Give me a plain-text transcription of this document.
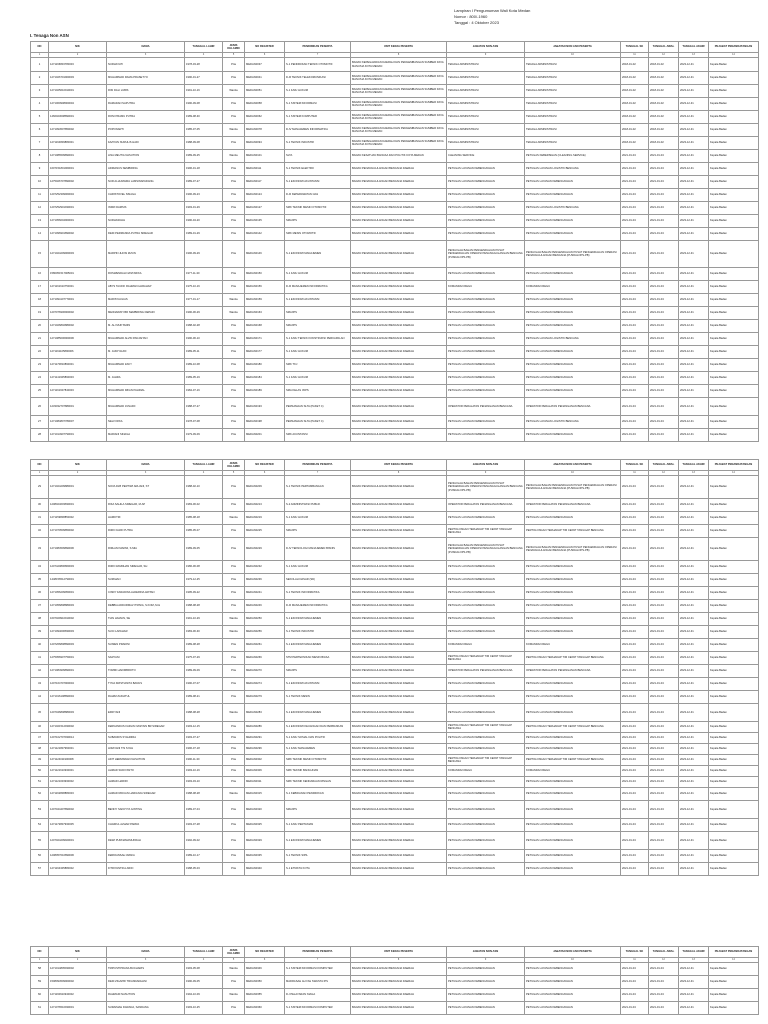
Lampiran I Pengumuman Wali Kota Medan
Nomor : 800/-1960
Tanggal : 4 Oktober 2023
I. Tenaga Non ASN
NO	NIK	NAMA	TANGGAL LAHIR	JENIS KELAMIN	NO REGISTER	PENDIDIKAN PESERTA	UNIT KERJA PESERTA	JABATAN NON ASN	JABATAN NON ASN PESERTA	TANGGAL SK	TANGGAL AWAL	TANGGAL AKHIR	PEJABAT PENANDATANGAN
1	2	3	4	5	6	7	8	9	10	11	12	13	14
1	1271166803780003	NURHAYATI	1978-03-28	Pria	MEDAN0037	S-1 PENDIDIKAN TEKNIK OTOMOTIF	BADAN KEPEGAWAIAN DAERAH DAN PENGEMBANGAN SUMBER DAYA MANUSIA KOTA MEDAN	TENAGA ADMINISTRASI	TENAGA ADMINISTRASI	2018-01-02	2018-01-02	2023-12-31	Kepala Badan
2	1271026701900003	MUHAMMAD RAMA PRASETYO	1990-01-27	Pria	MEDAN0041	D-III TEKNIK TELEKOMUNIKASI	BADAN KEPEGAWAIAN DAERAH DAN PENGEMBANGAN SUMBER DAYA MANUSIA KOTA MEDAN	TENAGA ADMINISTRASI	TENAGA ADMINISTRASI	2018-01-02	2018-01-02	2023-12-31	Kepala Badan
3	1271025610910001	RIKI DALI LUBIS	1991-10-16	Wanita	MEDAN0051	S-1 ILMU HUKUM	BADAN KEPEGAWAIAN DAERAH DAN PENGEMBANGAN SUMBER DAYA MANUSIA KOTA MEDAN	TENAGA ADMINISTRASI	TENAGA ADMINISTRASI	2018-01-02	2018-01-02	2023-12-31	Kepala Badan
4	1271060908900004	RAMADAN SAPUTRA	1990-09-08	Pria	MEDAN0058	S-1 SISTEM INFORMASI	BADAN KEPEGAWAIAN DAERAH DAN PENGEMBANGAN SUMBER DAYA MANUSIA KOTA MEDAN	TENAGA ADMINISTRASI	TENAGA ADMINISTRASI	2018-01-02	2018-01-02	2023-12-31	Kepala Badan
5	1466023008890001	RONI PRAMU PUTRA	1989-08-30	Pria	MEDAN0062	S-1 SISTEM KOMPUTER	BADAN KEPEGAWAIAN DAERAH DAN PENGEMBANGAN SUMBER DAYA MANUSIA KOTA MEDAN	TENAGA ADMINISTRASI	TENAGA ADMINISTRASI	2018-01-02	2018-01-02	2023-12-31	Kepala Badan
6	1271094507850002	POPONARTI	1985-07-05	Wanita	MEDAN0078	D-IV MANAJEMEN INFORMATIKA	BADAN KEPEGAWAIAN DAERAH DAN PENGEMBANGAN SUMBER DAYA MANUSIA KOTA MEDAN	TENAGA ADMINISTRASI	TENAGA ADMINISTRASI	2018-01-02	2018-01-02	2023-12-31	Kepala Badan
7	1271164809880001	FAZIYAN NURULIS HADI	1988-09-08	Pria	MEDAN0094	S-1 TEKNIK INDUSTRI	BADAN KEPEGAWAIAN DAERAH DAN PENGEMBANGAN SUMBER DAYA MANUSIA KOTA MEDAN	TENAGA ADMINISTRASI	TENAGA ADMINISTRASI	2018-01-02	2018-01-02	2023-12-31	Kepala Badan
8	1271086509890001	LINA MEUTIA NASUTION	1989-09-25	Wanita	MEDAN0101	SLTA	BADAN KESATUAN BANGSA DAN POLITIK KOTA MEDAN	CLEANING SERVICE	PETUGAS KEBERSIHAN (CLEANING SERVICE)	2021-01-04	2021-01-04	2023-12-31	Kepala Badan
9	1607151801960001	ADRIANUS SEMBIRING	1996-01-18	Pria	MEDAN0111	S-1 TEKNIK ELEKTRO	BADAN PENANGGULANGAN BENCANA DAERAH	PETUGAS LAYANAN KEBENCANAAN	PETUGAS LAYANAN LOGISTIK BENCANA	2021-01-04	2021-01-04	2023-12-31	Kepala Badan
10	1275026707890002	NUR ALHUMAIRA LAMSINAPADANG	1989-07-27	Pria	MEDAN0117	S-1 EKONOMI AKUNTANSI	BADAN PENANGGULANGAN BENCANA DAERAH	PETUGAS LAYANAN KEBENCANAAN	PETUGAS LAYANAN KEBENCANAAN	2021-01-04	2021-01-04	2023-12-31	Kepala Badan
11	1207252309960004	CHRISTOVEL SINAGA	1996-09-23	Pria	MEDAN0124	D-III KEPERAWATAN GIGI	BADAN PENANGGULANGAN BENCANA DAERAH	PETUGAS LAYANAN KEBENCANAAN	PETUGAS LAYANAN KEBENCANAAN	2021-01-04	2021-01-04	2023-12-31	Kepala Badan
12	1207252901930001	INDRI DAMSIS	1993-01-29	Pria	MEDAN0127	SMK TEKNIK MESIN OTOMOTIF	BADAN PENANGGULANGAN BENCANA DAERAH	PETUGAS LAYANAN KEBENCANAAN	PETUGAS LAYANAN LOGISTIK BENCANA	2021-01-04	2021-01-04	2023-12-31	Kepala Badan
13	1271056004900001	NURHASNAH	1990-04-20	Pria	MEDAN0135	SMA/IPS	BADAN PENANGGULANGAN BENCANA DAERAH	PETUGAS LAYANAN KEBENCANAAN	PETUGAS LAYANAN KEBENCANAAN	2021-01-04	2021-01-04	2023-12-31	Kepala Badan
14	1271096901890002	DEDI PERMANDA PUTRA SIREGAR	1989-01-29	Pria	MEDAN0142	SMK MESIN OTOMOTIF	BADAN PENANGGULANGAN BENCANA DAERAH	PETUGAS LAYANAN KEBENCANAAN	PETUGAS LAYANAN KEBENCANAAN	2021-01-04	2021-01-04	2023-12-31	Kepala Badan
15	1271024209960003	MARPIN JHOSI ZIZUN	1996-09-29	Pria	MEDAN0146	S-1 EKONOMI MANAJEMEN	BADAN PENANGGULANGAN BENCANA DAERAH	PENGOLAH BAHAN PENGENDALIAN PUSAT PENGENDALIAN OPERASI PENANGGULANGAN BENCANA (PUSDALOPS-PB)	PENGOLAH BAHAN PENGENDALIAN PUSAT PENGENDALIAN OPERASI PENANGGULANGAN BENCANA (PUSDALOPS-PB)	2021-01-04	2021-01-04	2023-12-31	Kepala Badan
16	1580051517905001	ROSWENDAH NASTARIKA	1977-11-30	Pria	MEDAN0150	S-1 ILMU HUKUM	BADAN PENANGGULANGAN BENCANA DAERAH	PETUGAS LAYANAN KEBENCANAAN	PETUGAS LAYANAN KEBENCANAAN	2021-01-04	2021-01-04	2023-12-31	Kepala Badan
17	1271161610750001	ABYS TAUFIK RAHMAN HARAHAP	1975-10-16	Pria	MEDAN0156	D-III MANAJEMEN INFORMATIKA	BADAN PENANGGULANGAN BENCANA DAERAH	KOMANDAN REGU	KOMANDAN REGU	2021-01-04	2021-01-04	2023-12-31	Kepala Badan
18	1271094107770001	MARISYAULIAS	1977-01-17	Wanita	MEDAN0159	S-1 EKONOMI AKUNTANSI	BADAN PENANGGULANGAN BENCANA DAERAH	PETUGAS LAYANAN KEBENCANAAN	PETUGAS LAYANAN KEBENCANAAN	2021-01-04	2021-01-04	2023-12-31	Kepala Badan
19	1207076906900002	MEIDIAWATI BR SEMBIRING DEPARI	1990-06-29	Wanita	MEDAN0163	SMA/IPS	BADAN PENANGGULANGAN BENCANA DAERAH	PETUGAS LAYANAN KEBENCANAAN	PETUGAS LAYANAN KEBENCANAAN	2021-01-04	2021-01-04	2023-12-31	Kepala Badan
20	1271026802880002	M. ALI MUKTADIN	1988-02-28	Pria	MEDAN0168	SMA/IPS	BADAN PENANGGULANGAN BENCANA DAERAH	PETUGAS LAYANAN KEBENCANAAN	PETUGAS LAYANAN KEBENCANAAN	2021-01-04	2021-01-04	2023-12-31	Kepala Badan
21	1271085006900006	MUHAMMAD ALVIN PANJAITAN	1990-06-10	Pria	MEDAN0171	S-1 ILMU TEKNIK KONSTRUKSI PERKAPALAN	BADAN PENANGGULANGAN BENCANA DAERAH	PETUGAS LAYANAN KEBENCANAAN	PETUGAS LAYANAN LOGISTIK BENCANA	2021-01-04	2021-01-04	2023-12-31	Kepala Badan
22	1271161105890006	M. JAKFYAUDI	1989-05-11	Pria	MEDAN0177	S-1 ILMU HUKUM	BADAN PENANGGULANGAN BENCANA DAERAH	PETUGAS LAYANAN KEBENCANAAN	PETUGAS LAYANAN KEBENCANAAN	2021-01-04	2021-01-04	2023-12-31	Kepala Badan
23	1271170810890001	MUHAMMAD ZAKY	1989-10-08	Pria	MEDAN0180	SMK TKJ	BADAN PENANGGULANGAN BENCANA DAERAH	PETUGAS LAYANAN KEBENCANAAN	PETUGAS LAYANAN KEBENCANAAN	2021-01-04	2021-01-04	2023-12-31	Kepala Badan
24	1271141905890003	M. JAHRA	1989-05-19	Pria	MEDAN0184	S-1 ILMU HUKUM	BADAN PENANGGULANGAN BENCANA DAERAH	PETUGAS LAYANAN KEBENCANAAN	PETUGAS LAYANAN KEBENCANAAN	2021-01-04	2021-01-04	2023-12-31	Kepala Badan
25	1271161607840003	MUHAMMAD IRFAN PAHRIAL	1984-07-16	Pria	MEDAN0189	SMA KELAS IXIPS	BADAN PENANGGULANGAN BENCANA DAERAH	PETUGAS LAYANAN KEBENCANAAN	PETUGAS LAYANAN KEBENCANAAN	2021-01-04	2021-01-04	2023-12-31	Kepala Badan
26	1233032707880001	MUHAMMAD JUNAIDI	1988-07-27	Pria	MEDAN0193	PERSAMAAN SLTA (PAKET C)	BADAN PENANGGULANGAN BENCANA DAERAH	OPERATOR PERALATAN PENANGANAN BENCANA	OPERATOR PERALATAN PENANGANAN BENCANA	2021-01-04	2021-01-04	2023-12-31	Kepala Badan
27	1271084807780007	NELVI RIKA	1978-07-08	Pria	MEDAN0198	PERSAMAAN SLTA (PAKET C)	BADAN PENANGGULANGAN BENCANA DAERAH	PETUGAS LAYANAN KEBENCANAAN	PETUGAS LAYANAN LOGISTIK BENCANA	2021-01-04	2021-01-04	2023-12-31	Kepala Badan
28	1271014907790001	MARIANI SINAGA	1979-09-09	Pria	MEDAN0201	SMK AKUNTANSI	BADAN PENANGGULANGAN BENCANA DAERAH	PETUGAS LAYANAN KEBENCANAAN	PETUGAS LAYANAN KEBENCANAAN	2021-01-04	2021-01-04	2023-12-31	Kepala Badan
NO	NIK	NAMA	TANGGAL LAHIR	JENIS KELAMIN	NO REGISTER	PENDIDIKAN PESERTA	UNIT KERJA PESERTA	JABATAN NON ASN	JABATAN NON ASN PESERTA	TANGGAL SK	TANGGAL AWAL	TANGGAL AKHIR	PEJABAT PENANDATANGAN
1	2	3	4	5	6	7	8	9	10	11	12	13	14
29	1271024209880001	NOVA DWI PERTIWI ARLIANI, ST	1988-02-10	Pria	MEDAN0209	S-1 TEKNIK PERTAMBANGAN	BADAN PENANGGULANGAN BENCANA DAERAH	PENGOLAH BAHAN PENGENDALIAN PUSAT PENGENDALIAN OPERASI PENANGGULANGAN BENCANA (PUSDALOPS-PB)	PENGOLAH BAHAN PENGENDALIAN PUSAT PENGENDALIAN OPERASI PENANGGULANGAN BENCANA (PUSDALOPS-PB)	2021-01-04	2021-01-04	2023-12-31	Kepala Badan
30	1208024603830001	RIKA SAHILA SIREGAR, M.AP	1983-06-02	Pria	MEDAN0213	S-2 ADMINISTRASI PUBLIK	BADAN PENANGGULANGAN BENCANA DAERAH	OPERATOR PERALATAN PENANGANAN BENCANA	OPERATOR PERALATAN PENANGANAN BENCANA	2021-01-04	2021-01-04	2023-12-31	Kepala Badan
31	1271159808850002	HARFITRI	1985-08-18	Wanita	MEDAN0219	S-1 ILMU HUKUM	BADAN PENANGGULANGAN BENCANA DAERAH	PETUGAS LAYANAN KEBENCANAAN	PETUGAS LAYANAN KEBENCANAAN	2021-01-04	2021-01-04	2023-12-31	Kepala Badan
32	1271070509850002	RIZKI FAJRI PUTRA	1985-05-07	Pria	MEDAN0225	SMA/IPS	BADAN PENANGGULANGAN BENCANA DAERAH	PERTOLONGAN TERHADAP TIM CEPAT TANGGAP BENCANA	PERTOLONGAN TERHADAP TIM CEPAT TANGGAP BENCANA	2021-01-04	2021-01-04	2023-12-31	Kepala Badan
33	1271084509890006	RIRLANI MAKMI, S.MIA	1989-09-05	Pria	MEDAN0229	D-IV TEKNOLOGI MANAJEMEN BISNIS	BADAN PENANGGULANGAN BENCANA DAERAH	PENGOLAH BAHAN PENGENDALIAN PUSAT PENGENDALIAN OPERASI PENANGGULANGAN BENCANA (PUSDALOPS-PB)	PENGOLAH BAHAN PENGENDALIAN PUSAT PENGENDALIAN OPERASI PENANGGULANGAN BENCANA (PUSDALOPS-PB)	2021-01-04	2021-01-04	2023-12-31	Kepala Badan
34	1207420806860003	RIZKI RAMDHAN SIREGAR, SH	1986-06-08	Pria	MEDAN0232	S-1 ILMU HUKUM	BADAN PENANGGULANGAN BENCANA DAERAH	PETUGAS LAYANAN KEBENCANAAN	PETUGAS LAYANAN KEBENCANAAN	2021-01-04	2021-01-04	2023-12-31	Kepala Badan
35	1448156512790001	SUMIHAN	1979-12-25	Pria	MEDAN0236	SEKOLAH DASAR (SD)	BADAN PENANGGULANGAN BENCANA DAERAH	PETUGAS LAYANAN KEBENCANAAN	PETUGAS LAYANAN KEBENCANAAN	2021-01-04	2021-01-04	2023-12-31	Kepala Badan
36	1271056209950001	CINDY FARADINA ALDERINA ARITAN	1995-09-22	Pria	MEDAN0241	S-1 TEKNIK INFORMATIKA	BADAN PENANGGULANGAN BENCANA DAERAH	PETUGAS LAYANAN KEBENCANAAN	PETUGAS LAYANAN KEBENCANAAN	2021-01-04	2021-01-04	2023-12-31	Kepala Badan
37	1271056808880003	DEBBIA ADDURMALYTRISIA, S.KOM.,M.H	1988-08-28	Pria	MEDAN0246	D-III MANAJEMEN INFORMATIKA	BADAN PENANGGULANGAN BENCANA DAERAH	PETUGAS LAYANAN KEBENCANAAN	PETUGAS LAYANAN KEBENCANAAN	2021-01-04	2021-01-04	2023-12-31	Kepala Badan
38	1607029910910002	TIAN HAMLIN, SE	1991-10-29	Wanita	MEDAN0250	S-1 EKONOMI MANAJEMEN	BADAN PENANGGULANGAN BENCANA DAERAH	PETUGAS LAYANAN KEBENCANAAN	PETUGAS LAYANAN KEBENCANAAN	2021-01-04	2021-01-04	2023-12-31	Kepala Badan
39	1271094006830003	SUCI LAPAHAR	1983-06-30	Wanita	MEDAN0256	S-1 TEKNIK INDUSTRI	BADAN PENANGGULANGAN BENCANA DAERAH	PETUGAS LAYANAN KEBENCANAAN	PETUGAS LAYANAN KEBENCANAAN	2021-01-04	2021-01-04	2023-12-31	Kepala Badan
40	1207266808890003	SUNIEN PRADINI	1989-08-28	Pria	MEDAN0261	S-1 EKONOMI MANAJEMEN	BADAN PENANGGULANGAN BENCANA DAERAH	KOMANDAN REGU	KOMANDAN REGU	2021-01-04	2021-01-04	2023-12-31	Kepala Badan
41	1275056907750001	SARYANI	1975-07-29	Pria	MEDAN0266	STM PERTEKNIKAN MESIN BIASA	BADAN PENANGGULANGAN BENCANA DAERAH	PERTOLONGAN TERHADAP TIM CEPAT TANGGAP BENCANA	PERTOLONGAN TERHADAP TIM CEPAT TANGGAP BENCANA	2021-01-04	2021-01-04	2023-12-31	Kepala Badan
42	1271084909890001	TOMMI HAKIMBROTO	1989-09-09	Pria	MEDAN0270	SMA/IPS	BADAN PENANGGULANGAN BENCANA DAERAH	OPERATOR PERALATAN PENANGANAN BENCANA	OPERATOR PERALATAN PENANGANAN BENCANA	2021-01-04	2021-01-04	2023-12-31	Kepala Badan
43	1207164707900004	TYNA KRISTIANITA BANUS	1990-07-07	Pria	MEDAN0274	S-1 EKONOMI AKUNTANSI	BADAN PENANGGULANGAN BENCANA DAERAH	PETUGAS LAYANAN KEBENCANAAN	PETUGAS LAYANAN KEBENCANAAN	2021-01-04	2021-01-04	2023-12-31	Kepala Badan
44	1271016108890004	RAHIM ZAKIATUL	1989-08-21	Pria	MEDAN0279	S-1 TEKNIK MESIN	BADAN PENANGGULANGAN BENCANA DAERAH	PETUGAS LAYANAN KEBENCANAAN	PETUGAS LAYANAN KEBENCANAAN	2021-01-04	2021-01-04	2023-12-31	Kepala Badan
45	1207046808880003	EFRIYANI	1988-08-28	Wanita	MEDAN0283	S-1 EKONOMI MANAJEMEN	BADAN PENANGGULANGAN BENCANA DAERAH	PETUGAS LAYANAN KEBENCANAAN	PETUGAS LAYANAN KEBENCANAAN	2021-01-04	2021-01-04	2023-12-31	Kepala Badan
46	1271021512930002	FERNANDUS FARLIN NASTAIN BR SIREGAR	1993-12-15	Pria	MEDAN0286	S-1 EKONOMI KEUANGAN DAN PERBANKAN	BADAN PENANGGULANGAN BENCANA DAERAH	PERTOLONGAN TERHADAP TIM CEPAT TANGGAP BENCANA	PERTOLONGAN TERHADAP TIM CEPAT TANGGAP BENCANA	2021-01-04	2021-01-04	2023-12-31	Kepala Badan
47	1207102707930014	SUBANDIS SYAHDIRA	1993-07-27	Pria	MEDAN0291	S-1 ILMU SOSIAL DAN POLITIK	BADAN PENANGGULANGAN BENCANA DAERAH	PETUGAS LAYANAN KEBENCANAAN	PETUGAS LAYANAN KEBENCANAAN	2021-01-04	2021-01-04	2023-12-31	Kepala Badan
48	1271121807960001	HIDAYANI TIS SYAH	1996-07-18	Pria	MEDAN0296	S-1 ILMU MANAJEMEN	BADAN PENANGGULANGAN BENCANA DAERAH	PETUGAS LAYANAN KEBENCANAAN	PETUGAS LAYANAN KEBENCANAAN	2021-01-04	2021-01-04	2023-12-31	Kepala Badan
49	1271124011900008	ADIT HERMAWAN NASUTION	1990-11-30	Pria	MEDAN0302	SMK TEKNIK MESIN OTOMOTIF	BADAN PENANGGULANGAN BENCANA DAERAH	PERTOLONGAN TERHADAP TIM CEPAT TANGGAP BENCANA	PERTOLONGAN TERHADAP TIM CEPAT TANGGAP BENCANA	2021-01-04	2021-01-04	2023-12-31	Kepala Badan
50	1271121610930001	AHMAD SUDIYANTO	1993-10-16	Pria	MEDAN0306	SMK TEKNIK BANGUNAN	BADAN PENANGGULANGAN BENCANA DAERAH	KOMANDAN REGU	KOMANDAN REGU	2021-01-04	2021-01-04	2023-12-31	Kepala Badan
51	1271121003930002	AHMAD HARIRI	1993-03-10	Pria	MEDAN0311	SMK TEKNIK KENDARAAN RINGAN	BADAN PENANGGULANGAN BENCANA DAERAH	PETUGAS LAYANAN KEBENCANAAN	PETUGAS LAYANAN KEBENCANAAN	2021-01-04	2021-01-04	2023-12-31	Kepala Badan
52	1271162808880003	AHMAD RIDUAN HARIANJA SIREGAR	1988-08-28	Wanita	MEDAN0315	S-1 KEBIDANAN PENDIDIKAN	BADAN PENANGGULANGAN BENCANA DAERAH	PETUGAS LAYANAN KEBENCANAAN	PETUGAS LAYANAN KEBENCANAAN	2021-01-04	2021-01-04	2023-12-31	Kepala Badan
53	1207044407890002	BENNY SAKDYTA GINTING	1989-07-04	Pria	MEDAN0320	SMA/IPS	BADAN PENANGGULANGAN BENCANA DAERAH	PETUGAS LAYANAN KEBENCANAAN	PETUGAS LAYANAN KEBENCANAAN	2021-01-04	2021-01-04	2023-12-31	Kepala Badan
54	1271172807930005	CHAIRUL AZHAR PARRA	1993-07-28	Pria	MEDAN0325	S-1 ILMU PERTANIAN	BADAN PENANGGULANGAN BENCANA DAERAH	PETUGAS LAYANAN KEBENCANAAN	PETUGAS LAYANAN KEBENCANAAN	2021-01-04	2021-01-04	2023-12-31	Kepala Badan
55	1207024209920001	DEWI PURNAMAMUKRAH	1992-09-02	Pria	MEDAN0329	S-1 EKONOMI MANAJEMEN	BADAN PENANGGULANGAN BENCANA DAERAH	PETUGAS LAYANAN KEBENCANAAN	PETUGAS LAYANAN KEBENCANAAN	2021-01-04	2021-01-04	2023-12-31	Kepala Badan
56	1208057010890006	FERDIANSAH WANIA	1989-10-17	Pria	MEDAN0335	S-1 TEKNIK SIPIL	BADAN PENANGGULANGAN BENCANA DAERAH	PETUGAS LAYANAN KEBENCANAAN	PETUGAS LAYANAN KEBENCANAAN	2021-01-04	2021-01-04	2023-12-31	Kepala Badan
57	1271164305880002	FITRIYANTIKA ARIFI	1988-05-03	Pria	MEDAN0340	S-1 ETNIKTA KOTA	BADAN PENANGGULANGAN BENCANA DAERAH	PETUGAS LAYANAN KEBENCANAAN	PETUGAS LAYANAN KEBENCANAAN	2021-01-04	2021-01-04	2023-12-31	Kepala Badan
NO	NIK	NAMA	TANGGAL LAHIR	JENIS KELAMIN	NO REGISTER	PENDIDIKAN PESERTA	UNIT KERJA PESERTA	JABATAN NON ASN	JABATAN NON ASN PESERTA	TANGGAL SK	TANGGAL AWAL	TANGGAL AKHIR	PEJABAT PENANDATANGAN
1	2	3	4	5	6	7	8	9	10	11	12	13	14
58	1271014805930002	TRIPUSTIPRANA BUCHARIS	1993-05-08	Wanita	MEDAN0346	S-1 SISTEM INFORMASI KOMPUTER	BADAN PENANGGULANGAN BENCANA DAERAH	PETUGAS LAYANAN KEBENCANAAN	PETUGAS LAYANAN KEBENCANAAN	2021-01-04	2021-01-04	2023-12-31	Kepala Badan
59	1508094509900002	DEDI ZIGAPRI TRIANDADHANI	1990-09-05	Pria	MEDAN0350	MADRASAH ALIYAH SWASTA IPS	BADAN PENANGGULANGAN BENCANA DAERAH	PETUGAS LAYANAN KEBENCANAAN	PETUGAS LAYANAN KEBENCANAAN	2021-01-04	2021-01-04	2023-12-31	Kepala Badan
60	1271160910940002	RAHMADI NASUTION	1994-10-09	Wanita	MEDAN0355	D-I PELAYARAN NIAGA	BADAN PENANGGULANGAN BENCANA DAERAH	PETUGAS LAYANAN KEBENCANAAN	PETUGAS LAYANAN KEBENCANAAN	2021-01-04	2021-01-04	2023-12-31	Kepala Badan
61	1271076510930001	SURAIMAH DARANA, SANDANA	1993-10-25	Pria	MEDAN0360	S-1 SISTEM INFORMASI KOMPUTER	BADAN PENANGGULANGAN BENCANA DAERAH	PETUGAS LAYANAN KEBENCANAAN	PETUGAS LAYANAN KEBENCANAAN	2021-01-04	2021-01-04	2023-12-31	Kepala Badan
